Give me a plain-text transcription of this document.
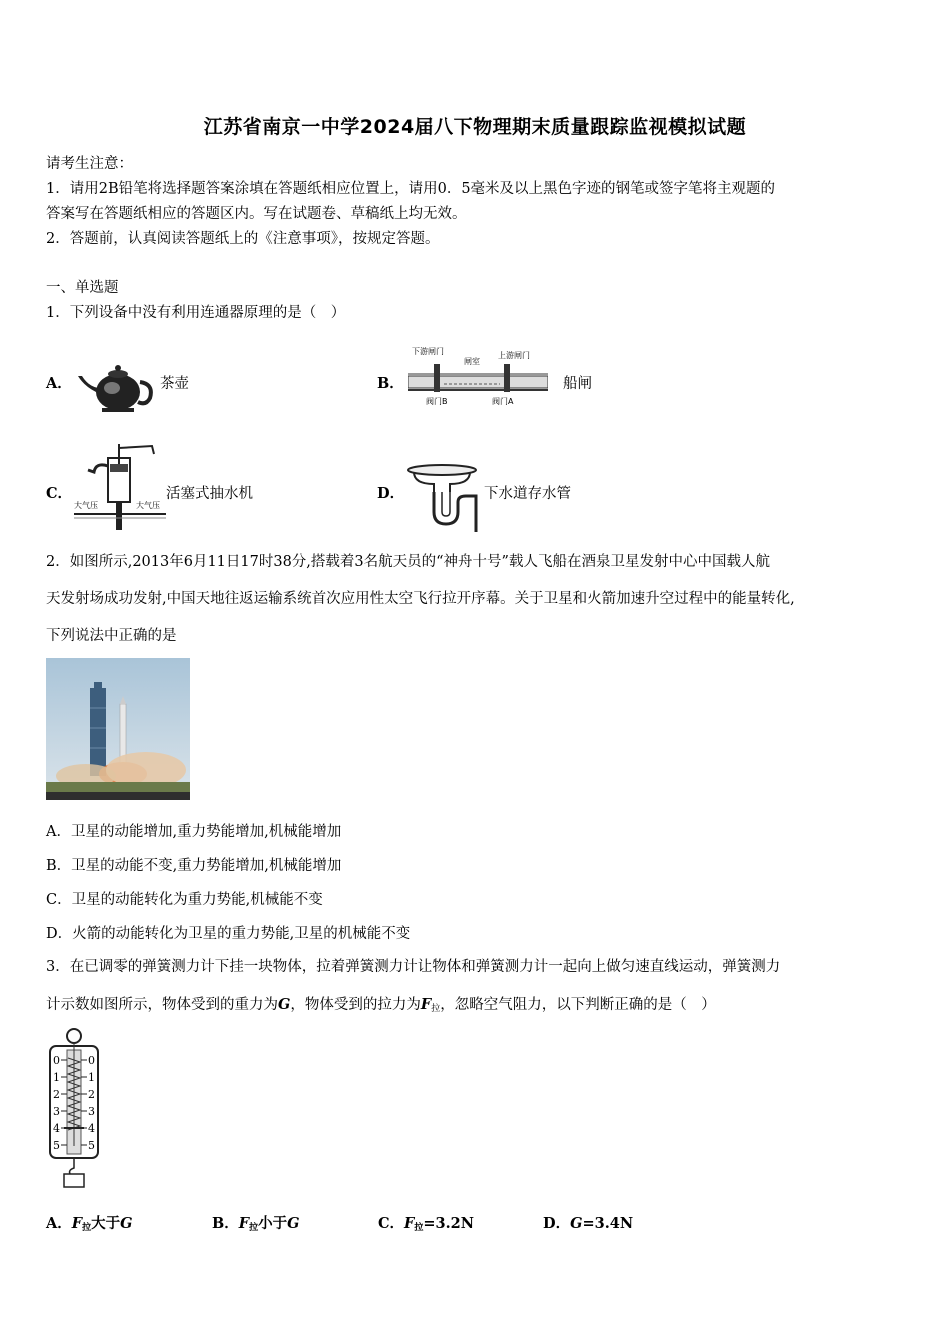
江苏省南京一中学2024届八下物理期末质量跟踪监视模拟试题
请考生注意：
1．请用2B铅笔将选择题答案涂填在答题纸相应位置上，请用0．5毫米及以上黑色字迹的钢笔或签字笔将主观题的
答案写在答题纸相应的答题区内。写在试题卷、草稿纸上均无效。
2．答题前，认真阅读答题纸上的《注意事项》，按规定答题。
一、单选题
1．下列设备中没有利用连通器原理的是（　）
A．	茶壶	B．
下游闸门
闸室
上游闸门
阀门B	阀门A
船闸
C．
大气压	大气压
活塞式抽水机	D．	下水道存水管
2．如图所示,2013年6月11日17时38分,搭载着3名航天员的“神舟十号”载人飞船在酒泉卫星发射中心中国载人航
天发射场成功发射,中国天地往返运输系统首次应用性太空飞行拉开序幕。关于卫星和火箭加速升空过程中的能量转化,
下列说法中正确的是
A．卫星的动能增加,重力势能增加,机械能增加
B．卫星的动能不变,重力势能增加,机械能增加
C．卫星的动能转化为重力势能,机械能不变
D．火箭的动能转化为卫星的重力势能,卫星的机械能不变
3．在已调零的弹簧测力计下挂一块物体，拉着弹簧测力计让物体和弹簧测力计一起向上做匀速直线运动，弹簧测力
计示数如图所示，物体受到的重力为G，物体受到的拉力为$F_拉$，忽略空气阻力，以下判断正确的是（　）
0	0
1	1
2	2
3	3
4	4
5	5
A．$F_拉$大于G	B．$F_拉$小于G	C．$F_拉=3.2N$	D．G=3.4N
